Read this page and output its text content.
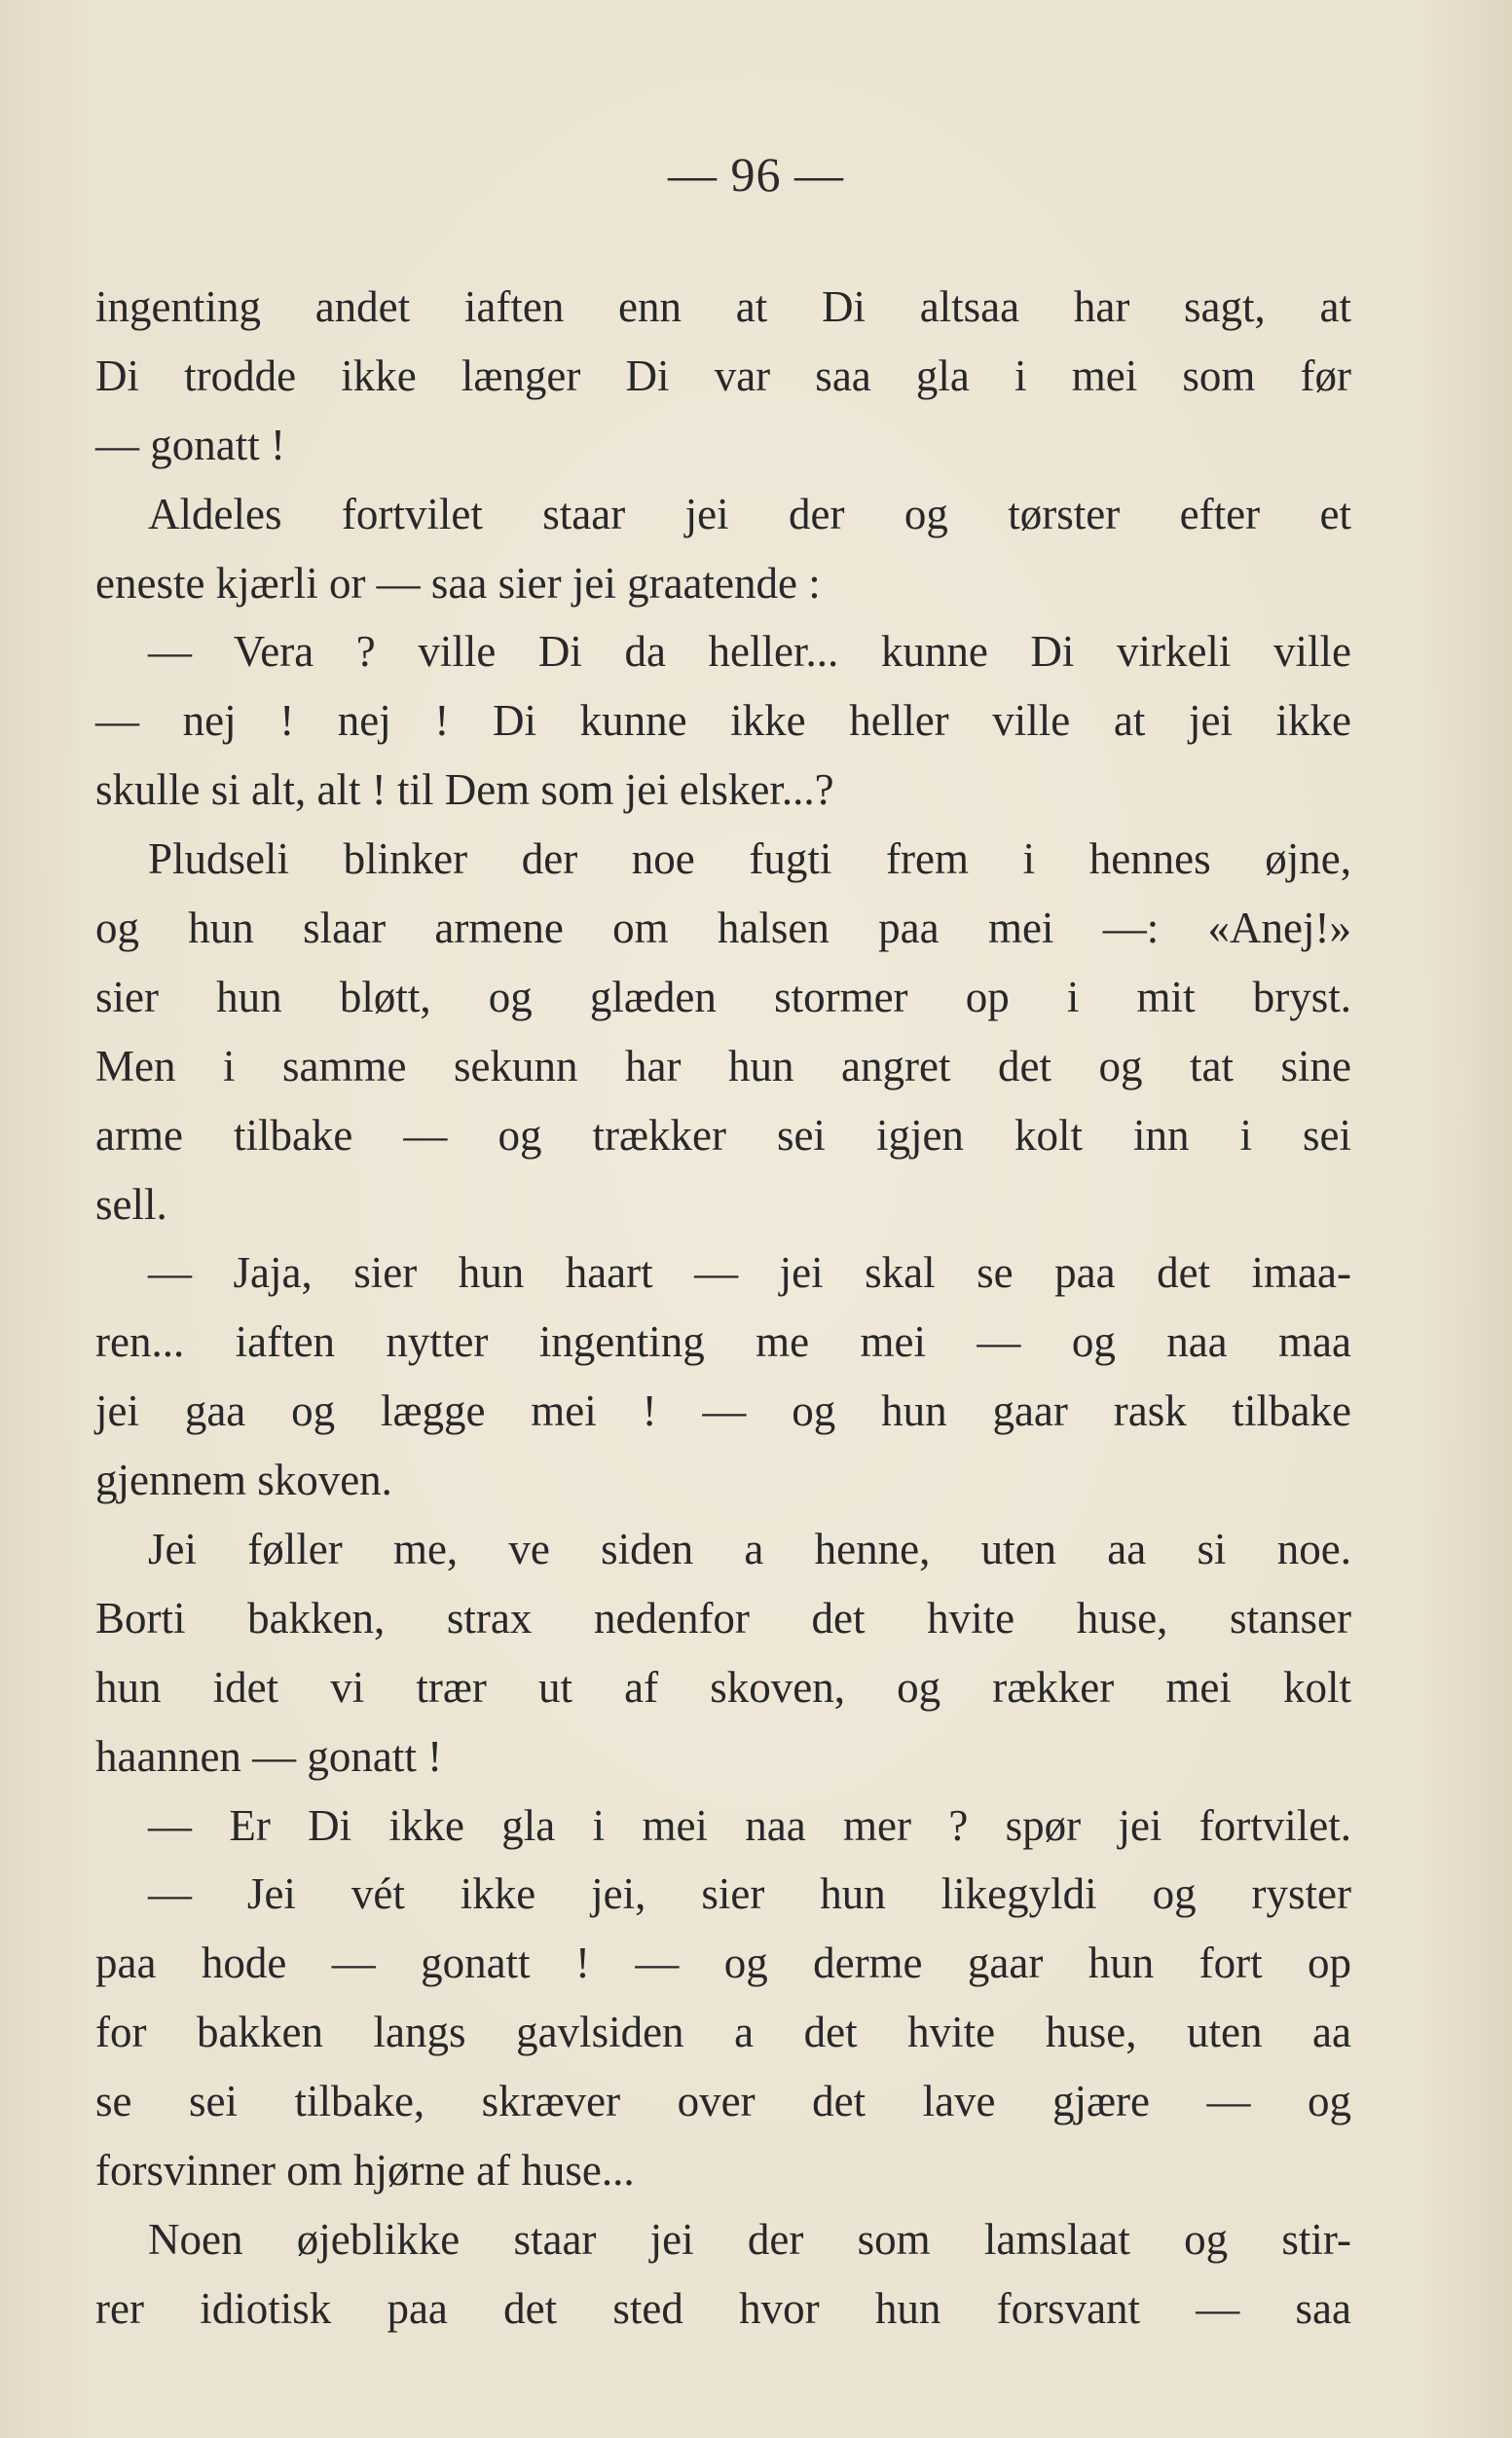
— 96 —
ingenting andet iaften enn at Di altsaa har sagt, at
Di trodde ikke længer Di var saa gla i mei som før
— gonatt !
Aldeles fortvilet staar jei der og tørster efter et
eneste kjærli or — saa sier jei graatende :
— Vera ? ville Di da heller... kunne Di virkeli ville
— nej ! nej ! Di kunne ikke heller ville at jei ikke
skulle si alt, alt ! til Dem som jei elsker...?
Pludseli blinker der noe fugti frem i hennes øjne,
og hun slaar armene om halsen paa mei —: «Anej!»
sier hun bløtt, og glæden stormer op i mit bryst.
Men i samme sekunn har hun angret det og tat sine
arme tilbake — og trækker sei igjen kolt inn i sei
sell.
— Jaja, sier hun haart — jei skal se paa det imaa-
ren... iaften nytter ingenting me mei — og naa maa
jei gaa og lægge mei ! — og hun gaar rask tilbake
gjennem skoven.
Jei føller me, ve siden a henne, uten aa si noe.
Borti bakken, strax nedenfor det hvite huse, stanser
hun idet vi trær ut af skoven, og rækker mei kolt
haannen — gonatt !
— Er Di ikke gla i mei naa mer ? spør jei fortvilet.
— Jei vét ikke jei, sier hun likegyldi og ryster
paa hode — gonatt ! — og derme gaar hun fort op
for bakken langs gavlsiden a det hvite huse, uten aa
se sei tilbake, skræver over det lave gjære — og
forsvinner om hjørne af huse...
Noen øjeblikke staar jei der som lamslaat og stir-
rer idiotisk paa det sted hvor hun forsvant — saa
